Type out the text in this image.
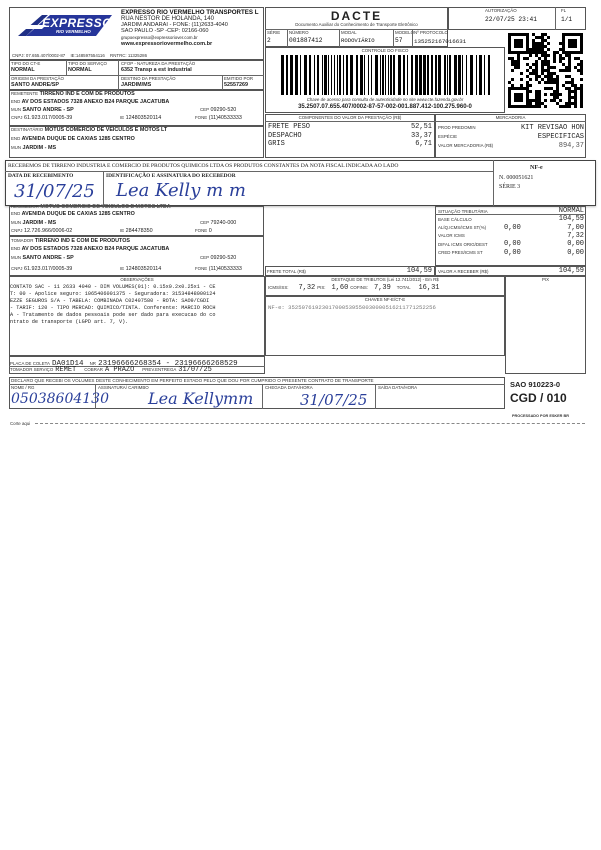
EXPRESSO
RIO VERMELHO
EXPRESSO RIO VERMELHO TRANSPORTES L
RUA NESTOR DE HOLANDA, 140
JARDIM ANDARAI - FONE: (11)2633-4040
SAO PAULO -SP -CEP: 02166-060
grupoexpresso@expressoriover.com.br
www.expressoriovermelho.com.br
CNPJ: 07.655.407/0002-87 IE:148597554116 RNTRC: 11325286
DACTE
Documento Auxiliar do Conhecimento de Transporte Eletrônico
SÉRIE
2
NÚMERO
001887412
MODAL
RODOVIÁRIO
MODELO
57
AUTORIZAÇÃO
22/07/25 23:41
FL
1/1
Nº PROTOCOLO
135252167016631
CONTROLE DO FISCO
Chave de acesso para consulta de autenticidade no site www.cte.fazenda.gov.br
35.2507.07.655.407/0002-87-57-002-001.887.412-100.275.960-0
TIPO DO CT-E
NORMAL
TIPO DO SERVIÇO
NORMAL
CFOP - NATUREZA DA PRESTAÇÃO
6352 Transp a est industrial
ORIGEM DA PRESTAÇÃO
SANTO ANDRE/SP
DESTINO DA PRESTAÇÃO
JARDIM/MS
EMITIDO POR
52557269
REMETENTE TIRRENO IND E COM DE PRODUTOS
END AV DOS ESTADOS 7328 ANEXO B24 PARQUE JACATUBA
MUN SANTO ANDRE - SP	CEP 09290-520
CNPJ 61.923.017/0005-39	IE 124803520114	FONE (11)40533333
DESTINATÁRIO MOTUS COMERCIO DE VEICULOS E MOTOS LT
END AVENIDA DUQUE DE CAXIAS 1285 CENTRO
MUN JARDIM - MS
COMPONENTES DO VALOR DA PRESTAÇÃO (R$)
FRETE PESO	52,51
DESPACHO	33,37
GRIS	6,71
MERCADORIA
PROD PREDOMIN	KIT REVISAO HON
ESPÉCIE	ESPECIFICAS
VALOR MERCADORIA (R$)	894,37
RECEBEMOS DE TIRRENO INDUSTRIA E COMERCIO DE PRODUTOS QUIMICOS LTDA OS PRODUTOS CONSTANTES DA NOTA FISCAL INDICADA AO LADO
DATA DE RECEBIMENTO	IDENTIFICAÇÃO E ASSINATURA DO RECEBEDOR
31/07/25 Lea Kelly m m
NF-e
N. 000051621
SÉRIE 3
RECEBEDOR MOTUS COMERCIO DE VEICULOS E MOTOS LTDA
END AVENIDA DUQUE DE CAXIAS 1285 CENTRO
MUN JARDIM - MS	CEP 79240-000
CNPJ 12.726.966/0006-02	IE 284478350	FONE 0
TOMADOR TIRRENO IND E COM DE PRODUTOS
END AV DOS ESTADOS 7328 ANEXO B24 PARQUE JACATUBA
MUN SANTO ANDRE - SP	CEP 09290-520
CNPJ 61.923.017/0005-39	IE 124803520114	FONE (11)40533333
SITUAÇÃO TRIBUTÁRIA	NORMAL
BASE CÁLCULO	104,59
ALÍQ.ICMS/ICMS ST(%)	0,00	7,00
VALOR ICMS	7,32
DIFAL ICMS ORIG/DEST 0,00	0,00
CRED PRES/ICMS ST	0,00	0,00
FRETE TOTAL (R$)	104,59 VALOR A RECEBER (R$)	104,59
DESTAQUE DE TRIBUTOS (Lei 12.741/2012) - Em R$
ICMS/ISS: 7,32 PIS: 1,60 COFINS: 7,39 TOTAL 16,31
PIX
OBSERVAÇÕES
CONTATO SAC - 11 2633 4040 - DIM VOLUMES(01): 0.15x0.2x0.25x1 - CE
T: 00 - Apolice seguro: 1065406001375 - Seguradora: 31534848000124
EZZE SEGUROS S/A - TABELA: COMBINADA C02407580 - ROTA: SAO9/CGDI
- TARIF: 120 - TIPO MERCAD: QUIMICO/TINTA. Conferente: MARCIO ROCH
A - Tratamento de dados pessoais pode ser dado para execucao do co
ntrato de transporte (LGPD art. 7, V).
CHAVES NF-E/CT-E
NF-e: 35250761923017000539550030000516211771252256
PLACA DE COLETA DA01D14 NR 23196666268354 - 23196666268529
TOMADOR SERVIÇO REMET COBRAR A PRAZO PREV.ENTREGA 31/07/25
DECLARO QUE RECEBI OS VOLUMES DESTE CONHECIMENTO EM PERFEITO ESTADO PELO QUE DOU POR CUMPRIDO O PRESENTE CONTRATO DE TRANSPORTE
NOME / RG	ASSINATURA/ CARIMBO	CHEGADA DATA/HORA	SAÍDA DATA/HORA
05038604130 Lea Kellymm	31/07/25
SAO 910223-0
CGD / 010
PROCESSADO POR ESKER BR
Corte aqui
